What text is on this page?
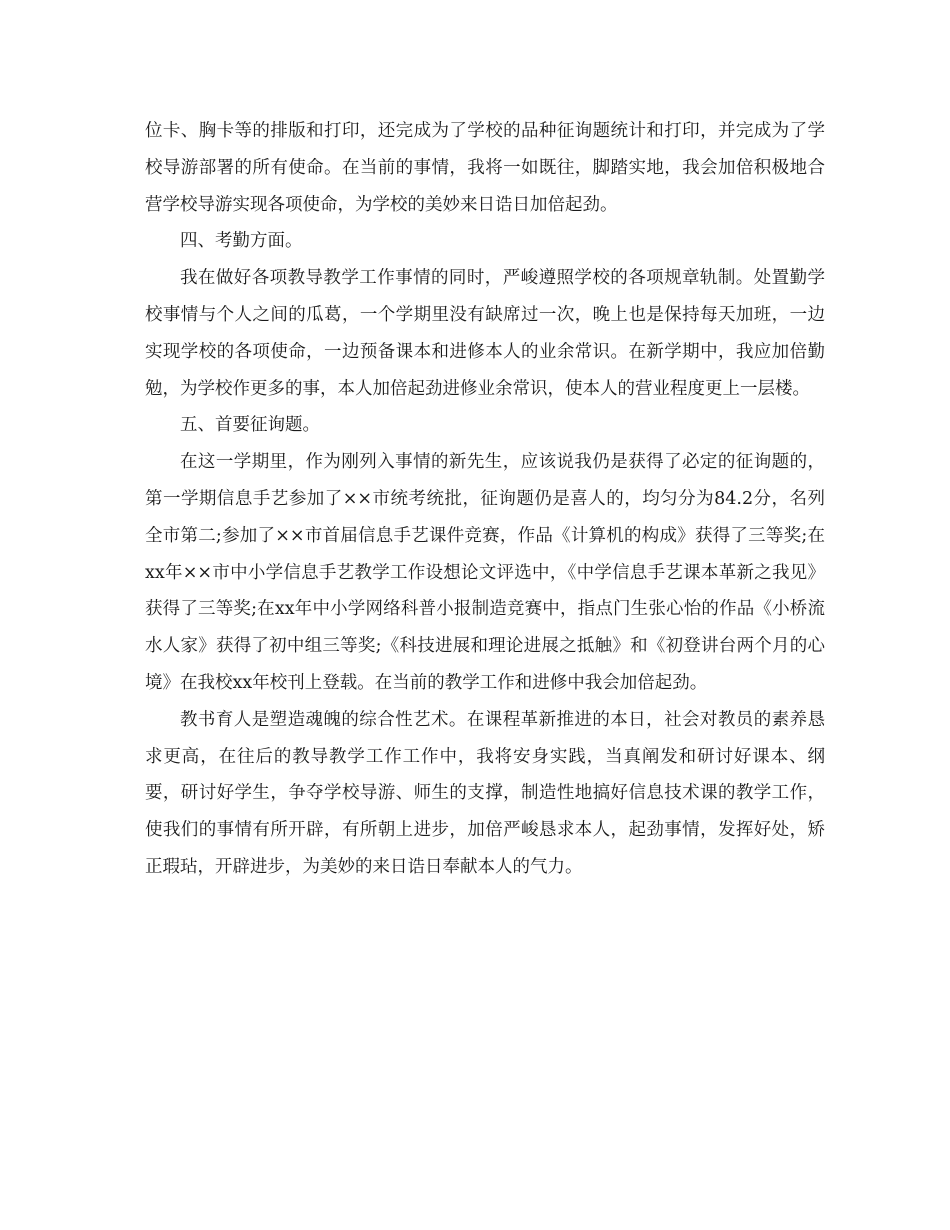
位卡、胸卡等的排版和打印，还完成为了学校的品种征询题统计和打印，并完成为了学校导游部署的所有使命。在当前的事情，我将一如既往，脚踏实地，我会加倍积极地合营学校导游实现各项使命，为学校的美妙来日诰日加倍起劲。

四、考勤方面。

我在做好各项教导教学工作事情的同时，严峻遵照学校的各项规章轨制。处置勤学校事情与个人之间的瓜葛，一个学期里没有缺席过一次，晚上也是保持每天加班，一边实现学校的各项使命，一边预备课本和进修本人的业余常识。在新学期中，我应加倍勤勉，为学校作更多的事，本人加倍起劲进修业余常识，使本人的营业程度更上一层楼。

五、首要征询题。

在这一学期里，作为刚列入事情的新先生，应该说我仍是获得了必定的征询题的，第一学期信息手艺参加了××市统考统批，征询题仍是喜人的，均匀分为84.2分，名列全市第二;参加了××市首届信息手艺课件竞赛，作品《计算机的构成》获得了三等奖;在xx年××市中小学信息手艺教学工作设想论文评选中，《中学信息手艺课本革新之我见》获得了三等奖;在xx年中小学网络科普小报制造竞赛中，指点门生张心怡的作品《小桥流水人家》获得了初中组三等奖;《科技进展和理论进展之抵触》和《初登讲台两个月的心境》在我校xx年校刊上登载。在当前的教学工作和进修中我会加倍起劲。

教书育人是塑造魂魄的综合性艺术。在课程革新推进的本日，社会对教员的素养恳求更高，在往后的教导教学工作工作中，我将安身实践，当真阐发和研讨好课本、纲要，研讨好学生，争夺学校导游、师生的支撑，制造性地搞好信息技术课的教学工作，使我们的事情有所开辟，有所朝上进步，加倍严峻恳求本人，起劲事情，发挥好处，矫正瑕玷，开辟进步，为美妙的来日诰日奉献本人的气力。
